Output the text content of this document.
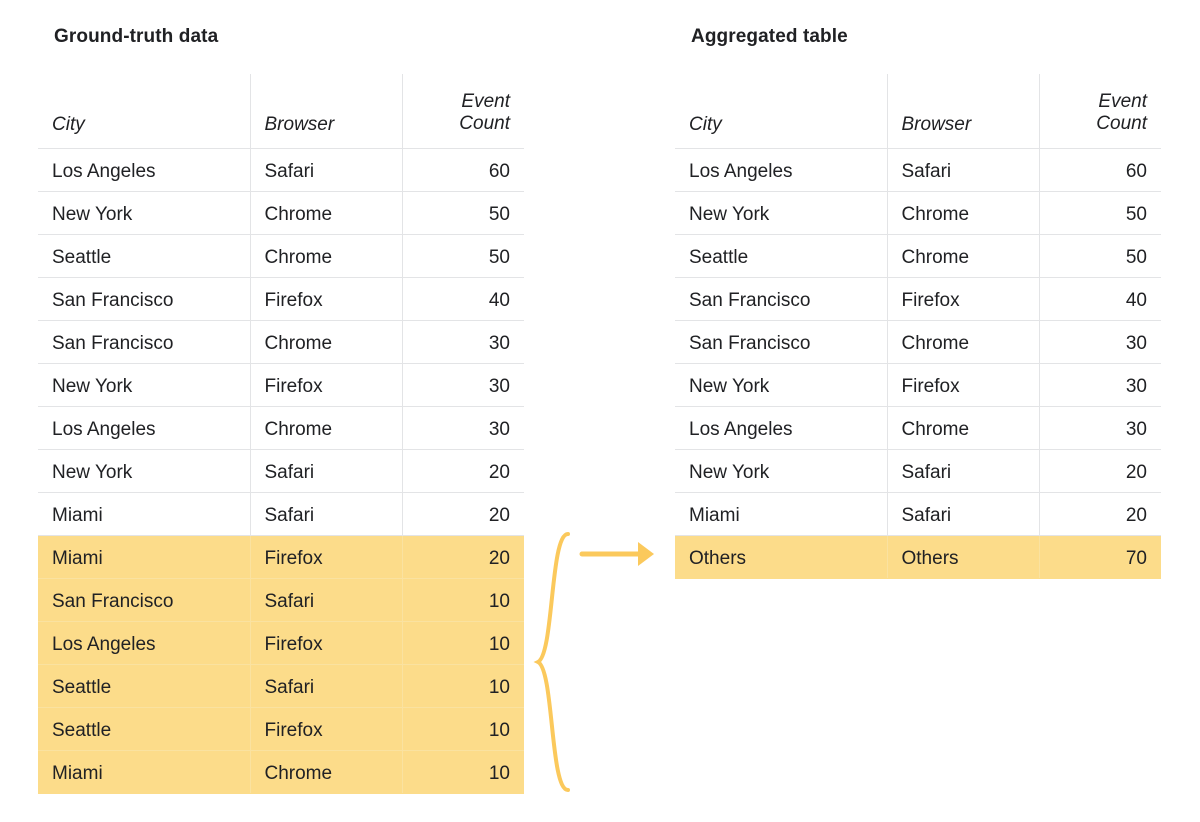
Ground-truth data
City	Browser	Event
Count
Los Angeles	Safari	60
New York	Chrome	50
Seattle	Chrome	50
San Francisco	Firefox	40
San Francisco	Chrome	30
New York	Firefox	30
Los Angeles	Chrome	30
New York	Safari	20
Miami	Safari	20
Miami	Firefox	20
San Francisco	Safari	10
Los Angeles	Firefox	10
Seattle	Safari	10
Seattle	Firefox	10
Miami	Chrome	10
Aggregated table
City	Browser	Event
Count
Los Angeles	Safari	60
New York	Chrome	50
Seattle	Chrome	50
San Francisco	Firefox	40
San Francisco	Chrome	30
New York	Firefox	30
Los Angeles	Chrome	30
New York	Safari	20
Miami	Safari	20
Others	Others	70
